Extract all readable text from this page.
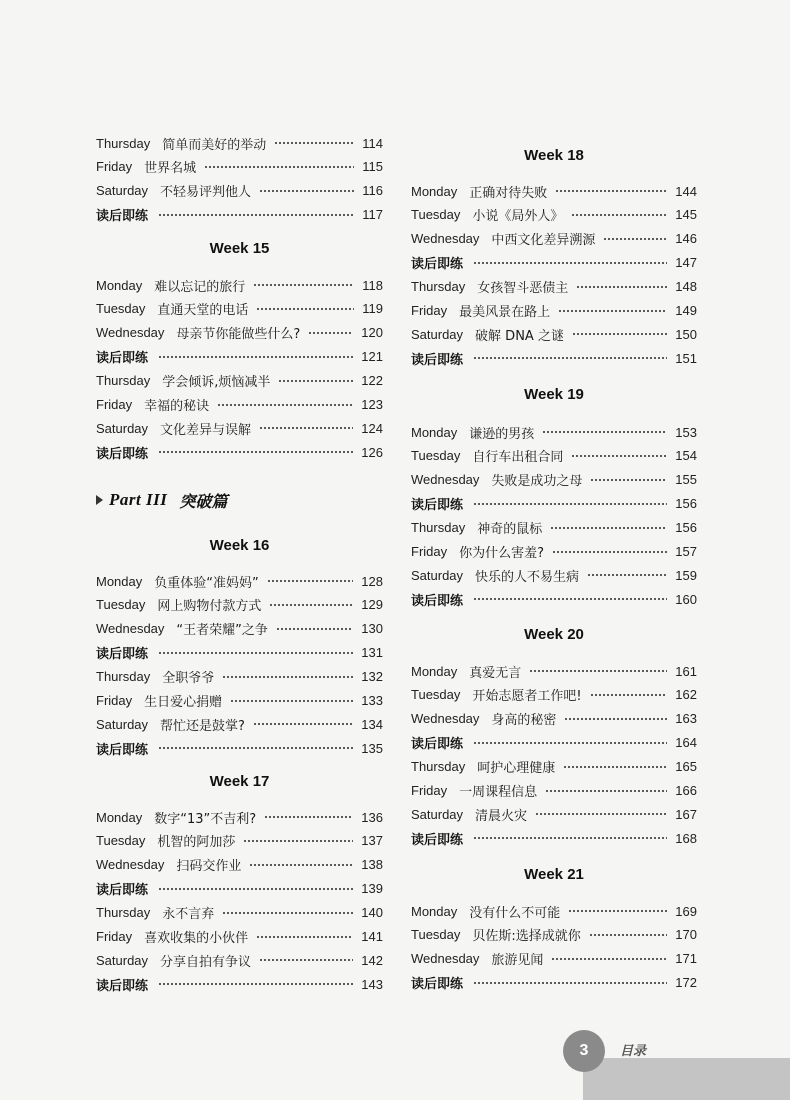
Thursday 简单而美好的举动	114
Friday 世界名城	115
Saturday 不轻易评判他人	116
读后即练	117
Week 15
Monday 难以忘记的旅行	118
Tuesday 直通天堂的电话	119
Wednesday 母亲节你能做些什么?	120
读后即练	121
Thursday 学会倾诉,烦恼减半	122
Friday 幸福的秘诀	123
Saturday 文化差异与误解	124
读后即练	126
Week 16
Monday 负重体验“准妈妈”	128
Tuesday 网上购物付款方式	129
Wednesday “王者荣耀”之争	130
读后即练	131
Thursday 全职爷爷	132
Friday 生日爱心捐赠	133
Saturday 帮忙还是鼓掌?	134
读后即练	135
Week 17
Monday 数字“13”不吉利?	136
Tuesday 机智的阿加莎	137
Wednesday 扫码交作业	138
读后即练	139
Thursday 永不言弃	140
Friday 喜欢收集的小伙伴	141
Saturday 分享自拍有争议	142
读后即练	143
Week 18
Monday 正确对待失败	144
Tuesday 小说《局外人》	145
Wednesday 中西文化差异溯源	146
读后即练	147
Thursday 女孩智斗恶债主	148
Friday 最美风景在路上	149
Saturday 破解 DNA 之谜	150
读后即练	151
Week 19
Monday 谦逊的男孩	153
Tuesday 自行车出租合同	154
Wednesday 失败是成功之母	155
读后即练	156
Thursday 神奇的鼠标	156
Friday 你为什么害羞?	157
Saturday 快乐的人不易生病	159
读后即练	160
Week 20
Monday 真爱无言	161
Tuesday 开始志愿者工作吧!	162
Wednesday 身高的秘密	163
读后即练	164
Thursday 呵护心理健康	165
Friday 一周课程信息	166
Saturday 清晨火灾	167
读后即练	168
Week 21
Monday 没有什么不可能	169
Tuesday 贝佐斯:选择成就你	170
Wednesday 旅游见闻	171
读后即练	172
Part III 突破篇
3	目录
